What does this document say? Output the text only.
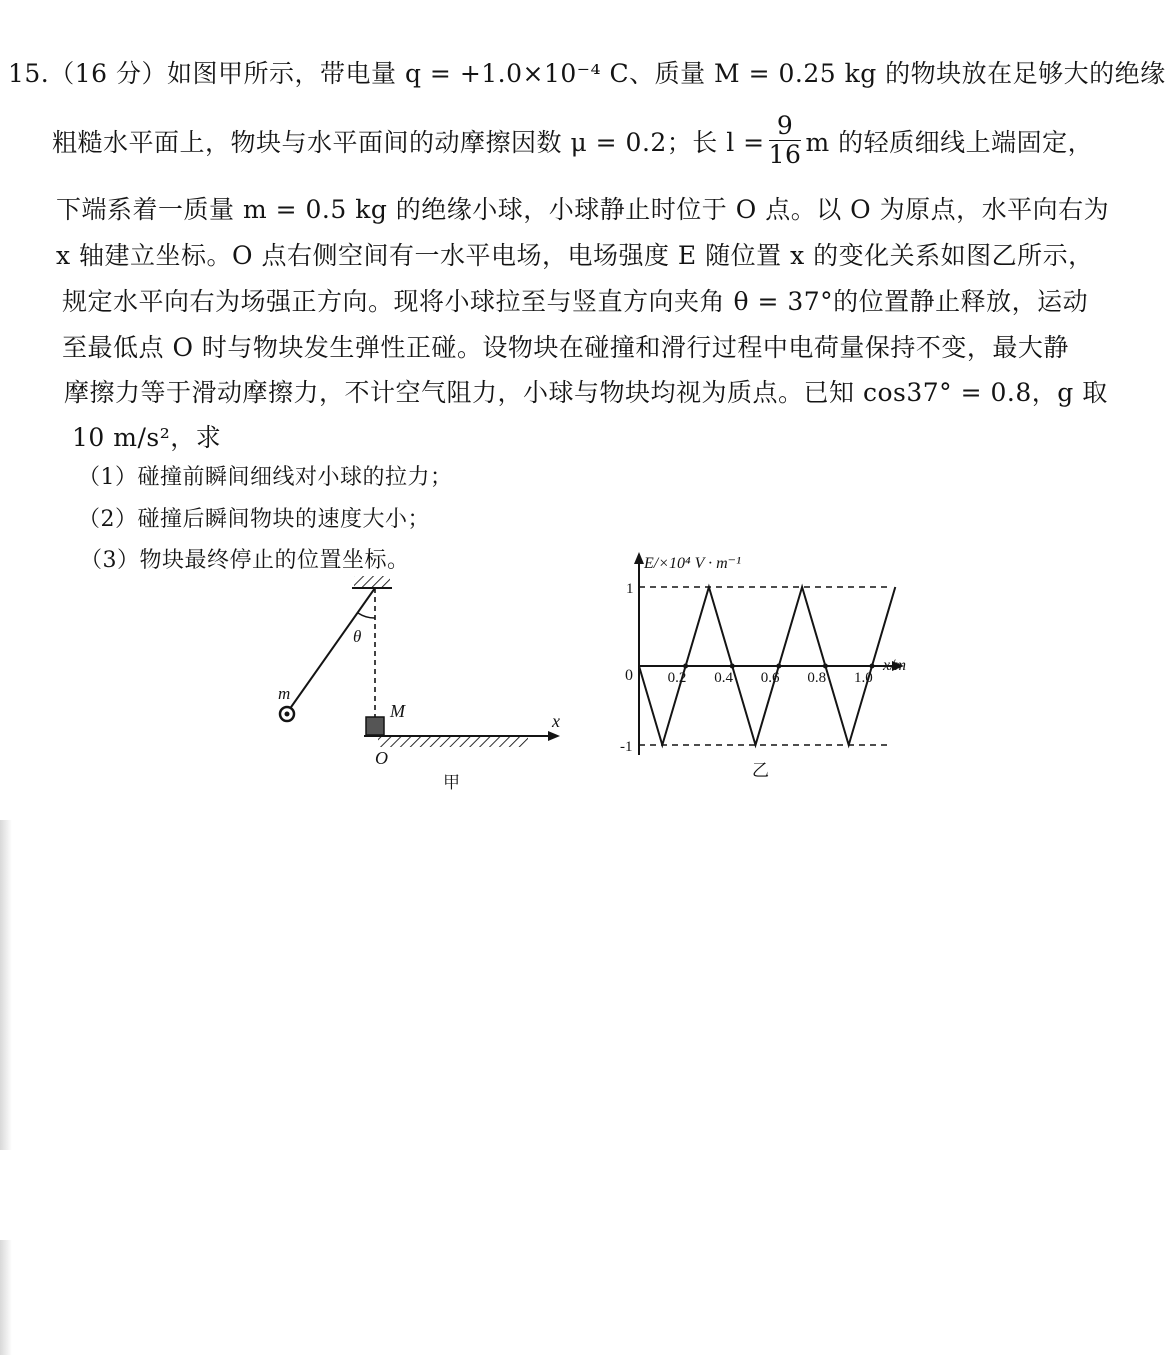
15.（16 分）如图甲所示，带电量 q = +1.0×10⁻⁴ C、质量 M = 0.25 kg 的物块放在足够大的绝缘
粗糙水平面上，物块与水平面间的动摩擦因数 μ = 0.2；长 $l = \frac{9}{16}$ m 的轻质细线上端固定，
下端系着一质量 m = 0.5 kg 的绝缘小球，小球静止时位于 O 点。以 O 为原点，水平向右为
x 轴建立坐标。O 点右侧空间有一水平电场，电场强度 E 随位置 x 的变化关系如图乙所示，
规定水平向右为场强正方向。现将小球拉至与竖直方向夹角 θ = 37°的位置静止释放，运动
至最低点 O 时与物块发生弹性正碰。设物块在碰撞和滑行过程中电荷量保持不变，最大静
摩擦力等于滑动摩擦力，不计空气阻力，小球与物块均视为质点。已知 cos37° = 0.8，g 取
10 m/s²，求
（1）碰撞前瞬间细线对小球的拉力；
（2）碰撞后瞬间物块的速度大小；
（3）物块最终停止的位置坐标。
m
θ
M
O
x
甲
0.2 0.4 0.6 0.8 1.0
1
-1
E/×10⁴ V · m⁻¹
x/m
0
乙
